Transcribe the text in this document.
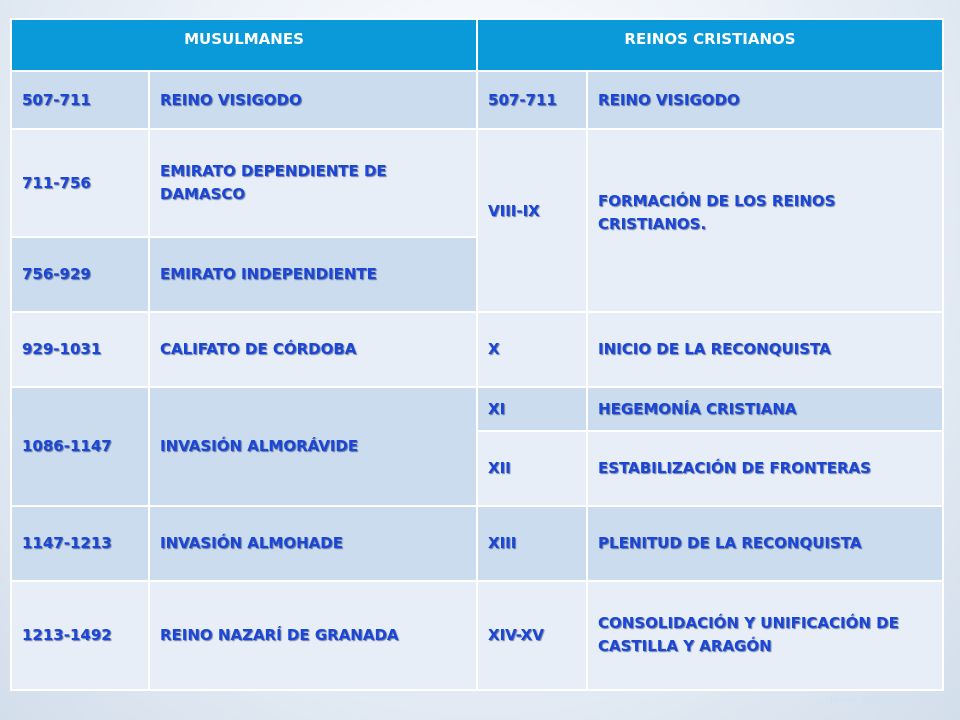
MUSULMANES		REINOS CRISTIANOS	
507-711	REINO VISIGODO	507-711	REINO VISIGODO
711-756	EMIRATO DEPENDIENTE DE DAMASCO	VIII-IX	FORMACIÓN DE LOS REINOS CRISTIANOS.
756-929	EMIRATO INDEPENDIENTE		
929-1031	CALIFATO DE CÓRDOBA	X	INICIO DE LA RECONQUISTA
1086-1147	INVASIÓN ALMORÁVIDE	XI	HEGEMONÍA CRISTIANA
		XII	ESTABILIZACIÓN DE FRONTERAS
1147-1213	INVASIÓN ALMOHADE	XIII	PLENITUD DE LA RECONQUISTA
1213-1492	REINO NAZARÍ DE GRANADA	XIV-XV	CONSOLIDACIÓN Y UNIFICACIÓN DE CASTILLA Y ARAGÓN
Javier Valiente
